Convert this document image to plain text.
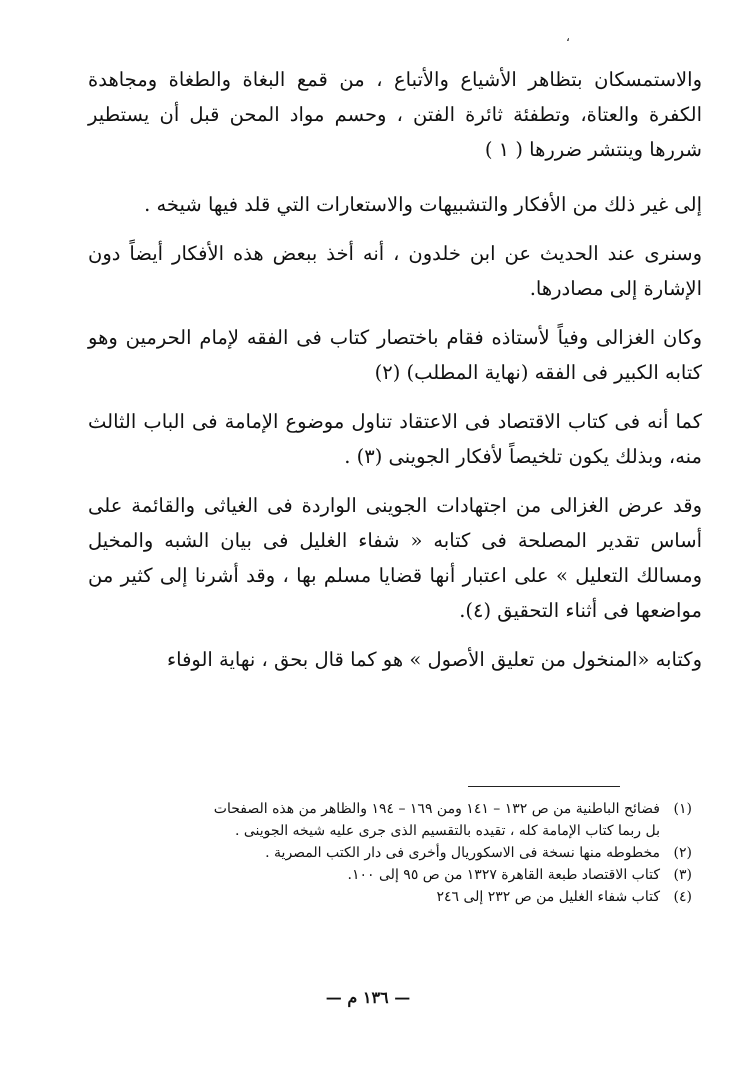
،

والاستمسكان بتظاهر الأشياع والأتباع ، من قمع البغاة والطغاة ومجاهدة الكفرة والعتاة، وتطفئة ثائرة الفتن ، وحسم مواد المحن قبل أن يستطير شررها وينتشر ضررها ( ١ )

إلى غير ذلك من الأفكار والتشبيهات والاستعارات التي قلد فيها شيخه .

وسنرى عند الحديث عن ابن خلدون ، أنه أخذ ببعض هذه الأفكار أيضاً دون الإشارة إلى مصادرها.

وكان الغزالى وفياً لأستاذه فقام باختصار كتاب فى الفقه لإمام الحرمين وهو كتابه الكبير فى الفقه (نهاية المطلب) (٢)

كما أنه فى كتاب الاقتصاد فى الاعتقاد تناول موضوع الإمامة فى الباب الثالث منه، وبذلك يكون تلخيصاً لأفكار الجوينى (٣) .

وقد عرض الغزالى من اجتهادات الجوينى الواردة فى الغياثى والقائمة على أساس تقدير المصلحة فى كتابه « شفاء الغليل فى بيان الشبه والمخيل ومسالك التعليل » على اعتبار أنها قضايا مسلم بها ، وقد أشرنا إلى كثير من مواضعها فى أثناء التحقيق (٤).

وكتابه «المنخول من تعليق الأصول » هو كما قال بحق ، نهاية الوفاء

(١)
فضائح الباطنية من ص ١٣٢ – ١٤١ ومن ١٦٩ – ١٩٤ والظاهر من هذه الصفحات
بل ربما كتاب الإمامة كله ، تقيده بالتقسيم الذى جرى عليه شيخه الجوينى .
(٢)
مخطوطه منها نسخة فى الاسكوريال وأخرى فى دار الكتب المصرية .
(٣)
كتاب الاقتصاد طبعة القاهرة ١٣٢٧ من ص ٩٥ إلى ١٠٠.
(٤)
كتاب شفاء الغليل من ص ٢٣٢ إلى ٢٤٦
— ١٣٦ م —
